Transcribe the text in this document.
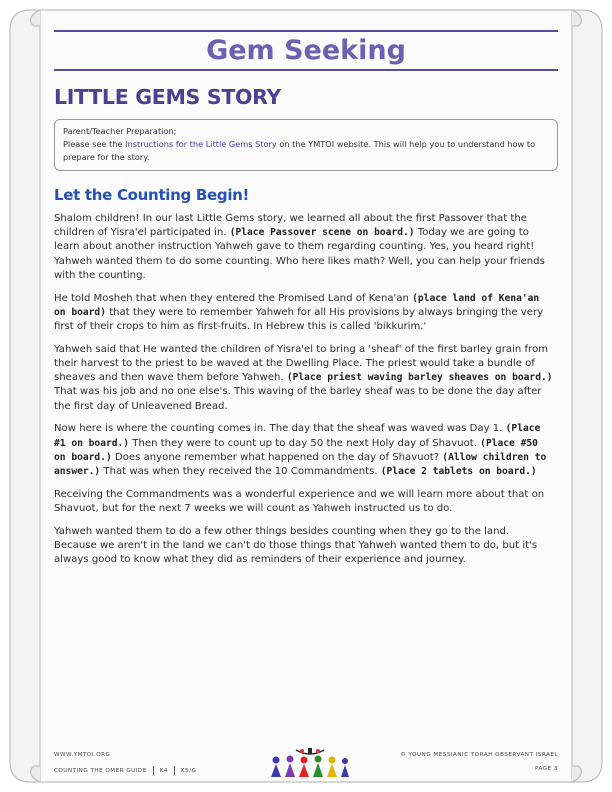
Gem Seeking
LITTLE GEMS STORY
Parent/Teacher Preparation;
Please see the Instructions for the Little Gems Story on the YMTOI website. This will help you to understand how to prepare for the story.
Let the Counting Begin!

Shalom children! In our last Little Gems story, we learned all about the first Passover that the children of Yisra'el participated in. (Place Passover scene on board.) Today we are going to learn about another instruction Yahweh gave to them regarding counting. Yes, you heard right! Yahweh wanted them to do some counting. Who here likes math? Well, you can help your friends with the counting.

He told Mosheh that when they entered the Promised Land of Kena'an (place land of Kena'an on board) that they were to remember Yahweh for all His provisions by always bringing the very first of their crops to him as first-fruits. In Hebrew this is called 'bikkurim.'

Yahweh said that He wanted the children of Yisra'el to bring a 'sheaf' of the first barley grain from their harvest to the priest to be waved at the Dwelling Place. The priest would take a bundle of sheaves and then wave them before Yahweh. (Place priest waving barley sheaves on board.) That was his job and no one else's. This waving of the barley sheaf was to be done the day after the first day of Unleavened Bread.

Now here is where the counting comes in. The day that the sheaf was waved was Day 1. (Place #1 on board.) Then they were to count up to day 50 the next Holy day of Shavuot. (Place #50 on board.) Does anyone remember what happened on the day of Shavuot? (Allow children to answer.) That was when they received the 10 Commandments. (Place 2 tablets on board.)

Receiving the Commandments was a wonderful experience and we will learn more about that on Shavuot, but for the next 7 weeks we will count as Yahweh instructed us to do.

Yahweh wanted them to do a few other things besides counting when they go to the land. Because we aren't in the land we can't do those things that Yahweh wanted them to do, but it's always good to know what they did as reminders of their experience and journey.

WWW.YMTOI.ORG	© YOUNG MESSIANIC TORAH OBSERVANT ISRAEL
COUNTING THE OMER GUIDE K4 K5/G	PAGE 3
